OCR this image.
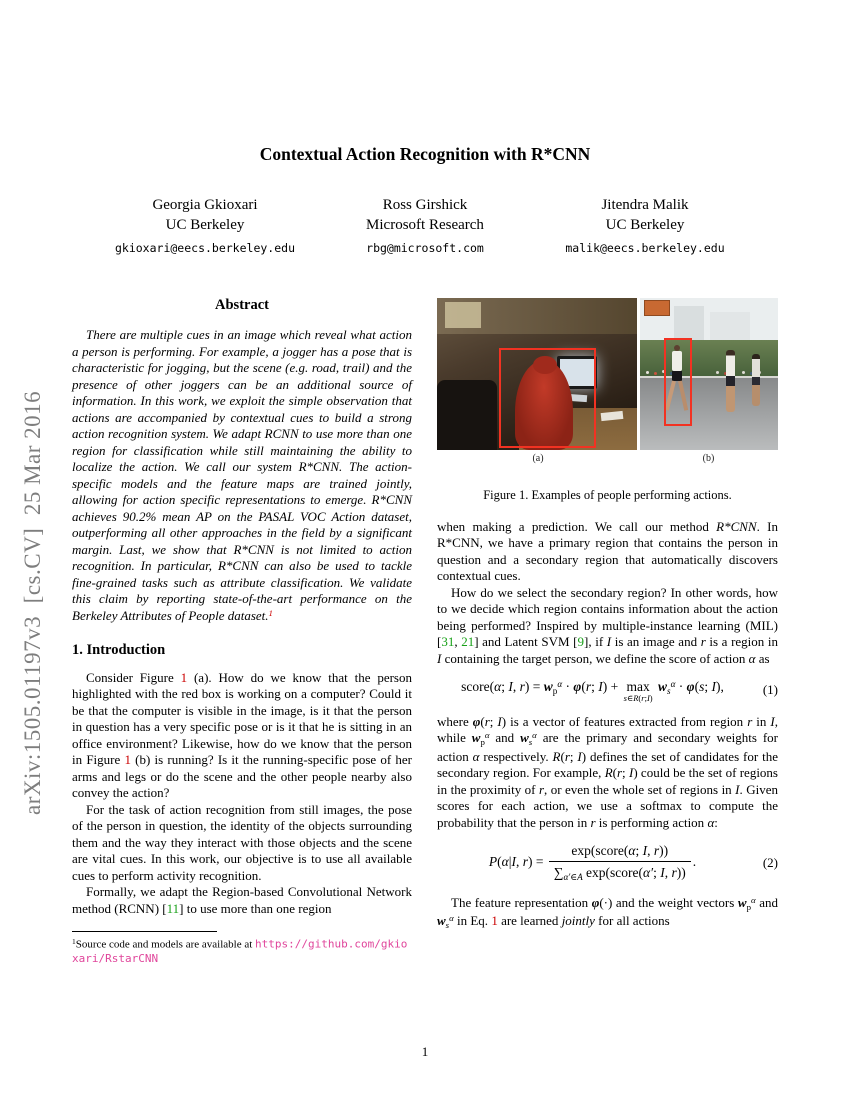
arXiv:1505.01197v3  [cs.CV]  25 Mar 2016
Contextual Action Recognition with R*CNN
Georgia Gkioxari
UC Berkeley
gkioxari@eecs.berkeley.edu
Ross Girshick
Microsoft Research
rbg@microsoft.com
Jitendra Malik
UC Berkeley
malik@eecs.berkeley.edu
Abstract

There are multiple cues in an image which reveal what action a person is performing. For example, a jogger has a pose that is characteristic for jogging, but the scene (e.g. road, trail) and the presence of other joggers can be an additional source of information. In this work, we exploit the simple observation that actions are accompanied by contextual cues to build a strong action recognition system. We adapt RCNN to use more than one region for classification while still maintaining the ability to localize the action. We call our system R*CNN. The action-specific models and the feature maps are trained jointly, allowing for action specific representations to emerge. R*CNN achieves 90.2% mean AP on the PASAL VOC Action dataset, outperforming all other approaches in the field by a significant margin. Last, we show that R*CNN is not limited to action recognition. In particular, R*CNN can also be used to tackle fine-grained tasks such as attribute classification. We validate this claim by reporting state-of-the-art performance on the Berkeley Attributes of People dataset.$^1$

1. Introduction

Consider Figure 1 (a). How do we know that the person highlighted with the red box is working on a computer? Could it be that the computer is visible in the image, is it that the person in question has a very specific pose or is it that he is sitting in an office environment? Likewise, how do we know that the person in Figure 1 (b) is running? Is it the running-specific pose of her arms and legs or do the scene and the other people nearby also convey the action?

For the task of action recognition from still images, the pose of the person in question, the identity of the objects surrounding them and the way they interact with those objects and the scene are vital cues. In this work, our objective is to use all available cues to perform activity recognition.

Formally, we adapt the Region-based Convolutional Network method (RCNN) [11] to use more than one region

$^1$Source code and models are available at https://github.com/gkioxari/RstarCNN

(a)	(b)
Figure 1. Examples of people performing actions.

when making a prediction. We call our method R*CNN. In R*CNN, we have a primary region that contains the person in question and a secondary region that automatically discovers contextual cues.

How do we select the secondary region? In other words, how to we decide which region contains information about the action being performed? Inspired by multiple-instance learning (MIL) [31, 21] and Latent SVM [9], if I is an image and r is a region in I containing the target person, we define the score of action α as

score(α; I, $r) = w_p^\alpha \cdot \varphi(r$; I) + max
s∈R(r;I)
$w_s^\alpha \cdot \varphi(s$; I),	(1)

where φ(r; I) is a vector of features extracted from region r in I, while $w_p^\alpha$ and $w_s^\alpha$ are the primary and secondary weights for action α respectively. R(r; I) defines the set of candidates for the secondary region. For example, R(r; I) could be the set of regions in the proximity of r, or even the whole set of regions in I. Given scores for each action, we use a softmax to compute the probability that the person in r is performing action α:

P(α|I, $r) = \frac{\text{exp(score(α; I, r))}}{\sum_{\alpha'\in A} \exp(score(\alpha'; I, r))}$ .	(2)

The feature representation φ(·) and the weight vectors $w_p^\alpha$ and $w_s^\alpha$ in Eq. 1 are learned jointly for all actions

1
